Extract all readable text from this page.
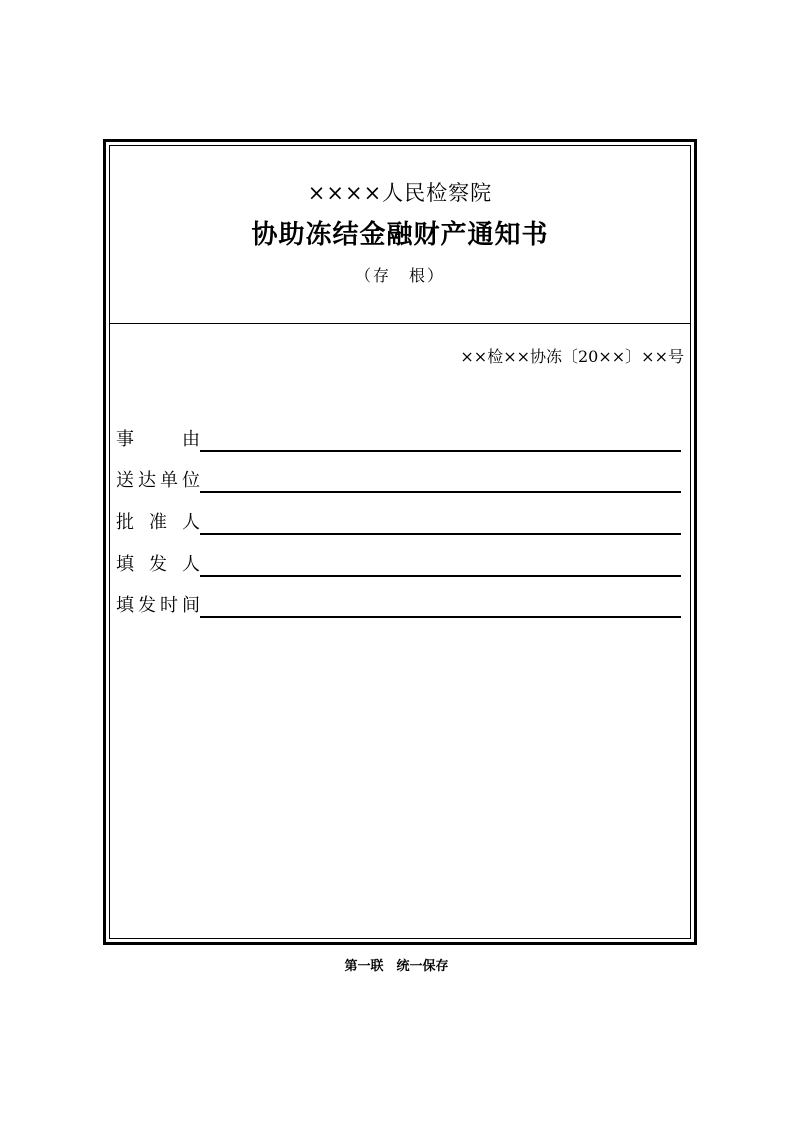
××××人民检察院
协助冻结金融财产通知书
（存　根）
××检××协冻〔20××〕××号
事	由
送 达 单 位
批 准 人
填 发 人
填 发 时 间
第一联　统一保存
